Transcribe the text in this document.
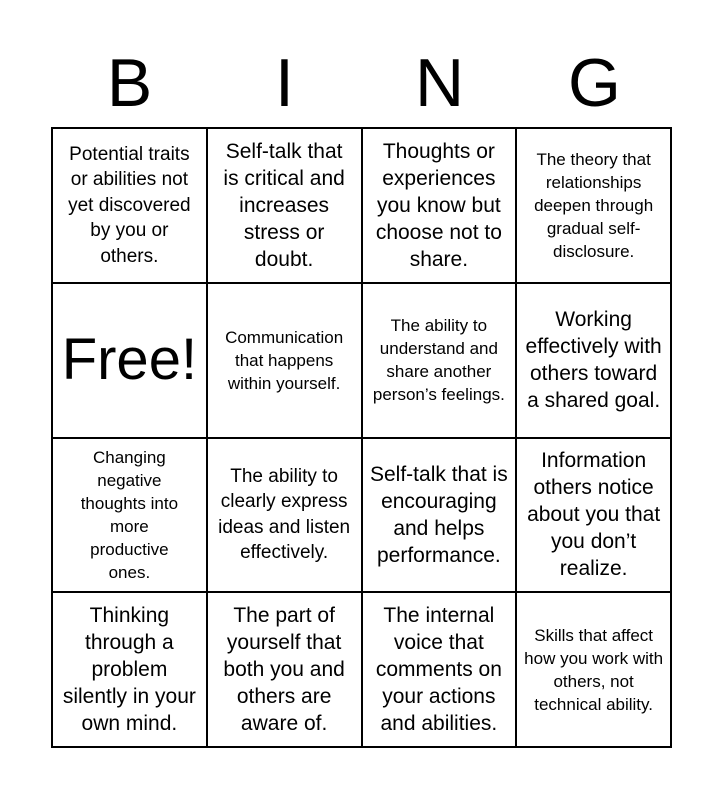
B	I	N	G
Potential traits or abilities not yet discovered by you or others.
Self-talk that is critical and increases stress or doubt.
Thoughts or experiences you know but choose not to share.
The theory that relationships deepen through gradual self-disclosure.
Free!	Communication that happens within yourself.
The ability to understand and share another person’s feelings.
Working effectively with others toward a shared goal.
Changing negative thoughts into more productive ones.
The ability to clearly express ideas and listen effectively.
Self-talk that is encouraging and helps performance.
Information others notice about you that you don’t realize.
Thinking through a problem silently in your own mind.
The part of yourself that both you and others are aware of.
The internal voice that comments on your actions and abilities.
Skills that affect how you work with others, not technical ability.
